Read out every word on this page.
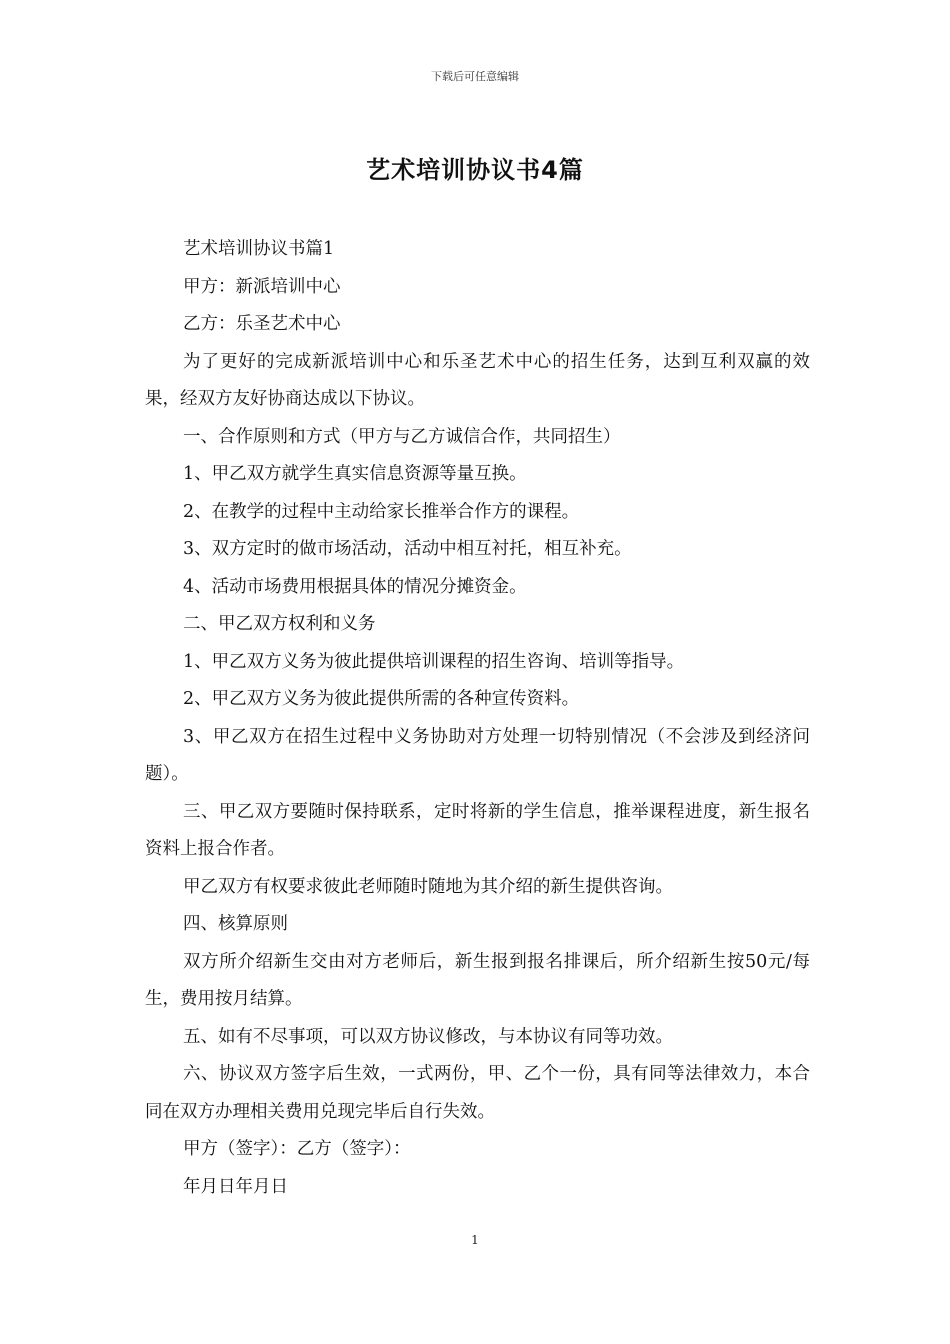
下载后可任意编辑
艺术培训协议书4篇

艺术培训协议书篇1

甲方：新派培训中心

乙方：乐圣艺术中心

为了更好的完成新派培训中心和乐圣艺术中心的招生任务，达到互利双赢的效果，经双方友好协商达成以下协议。

一、合作原则和方式（甲方与乙方诚信合作，共同招生）

1、甲乙双方就学生真实信息资源等量互换。

2、在教学的过程中主动给家长推举合作方的课程。

3、双方定时的做市场活动，活动中相互衬托，相互补充。

4、活动市场费用根据具体的情况分摊资金。

二、甲乙双方权利和义务

1、甲乙双方义务为彼此提供培训课程的招生咨询、培训等指导。

2、甲乙双方义务为彼此提供所需的各种宣传资料。

3、甲乙双方在招生过程中义务协助对方处理一切特别情况（不会涉及到经济问题）。

三、甲乙双方要随时保持联系，定时将新的学生信息，推举课程进度，新生报名资料上报合作者。

甲乙双方有权要求彼此老师随时随地为其介绍的新生提供咨询。

四、核算原则

双方所介绍新生交由对方老师后，新生报到报名排课后，所介绍新生按50元/每生，费用按月结算。

五、如有不尽事项，可以双方协议修改，与本协议有同等功效。

六、协议双方签字后生效，一式两份，甲、乙个一份，具有同等法律效力，本合同在双方办理相关费用兑现完毕后自行失效。

甲方（签字）：乙方（签字）：

年月日年月日

1
